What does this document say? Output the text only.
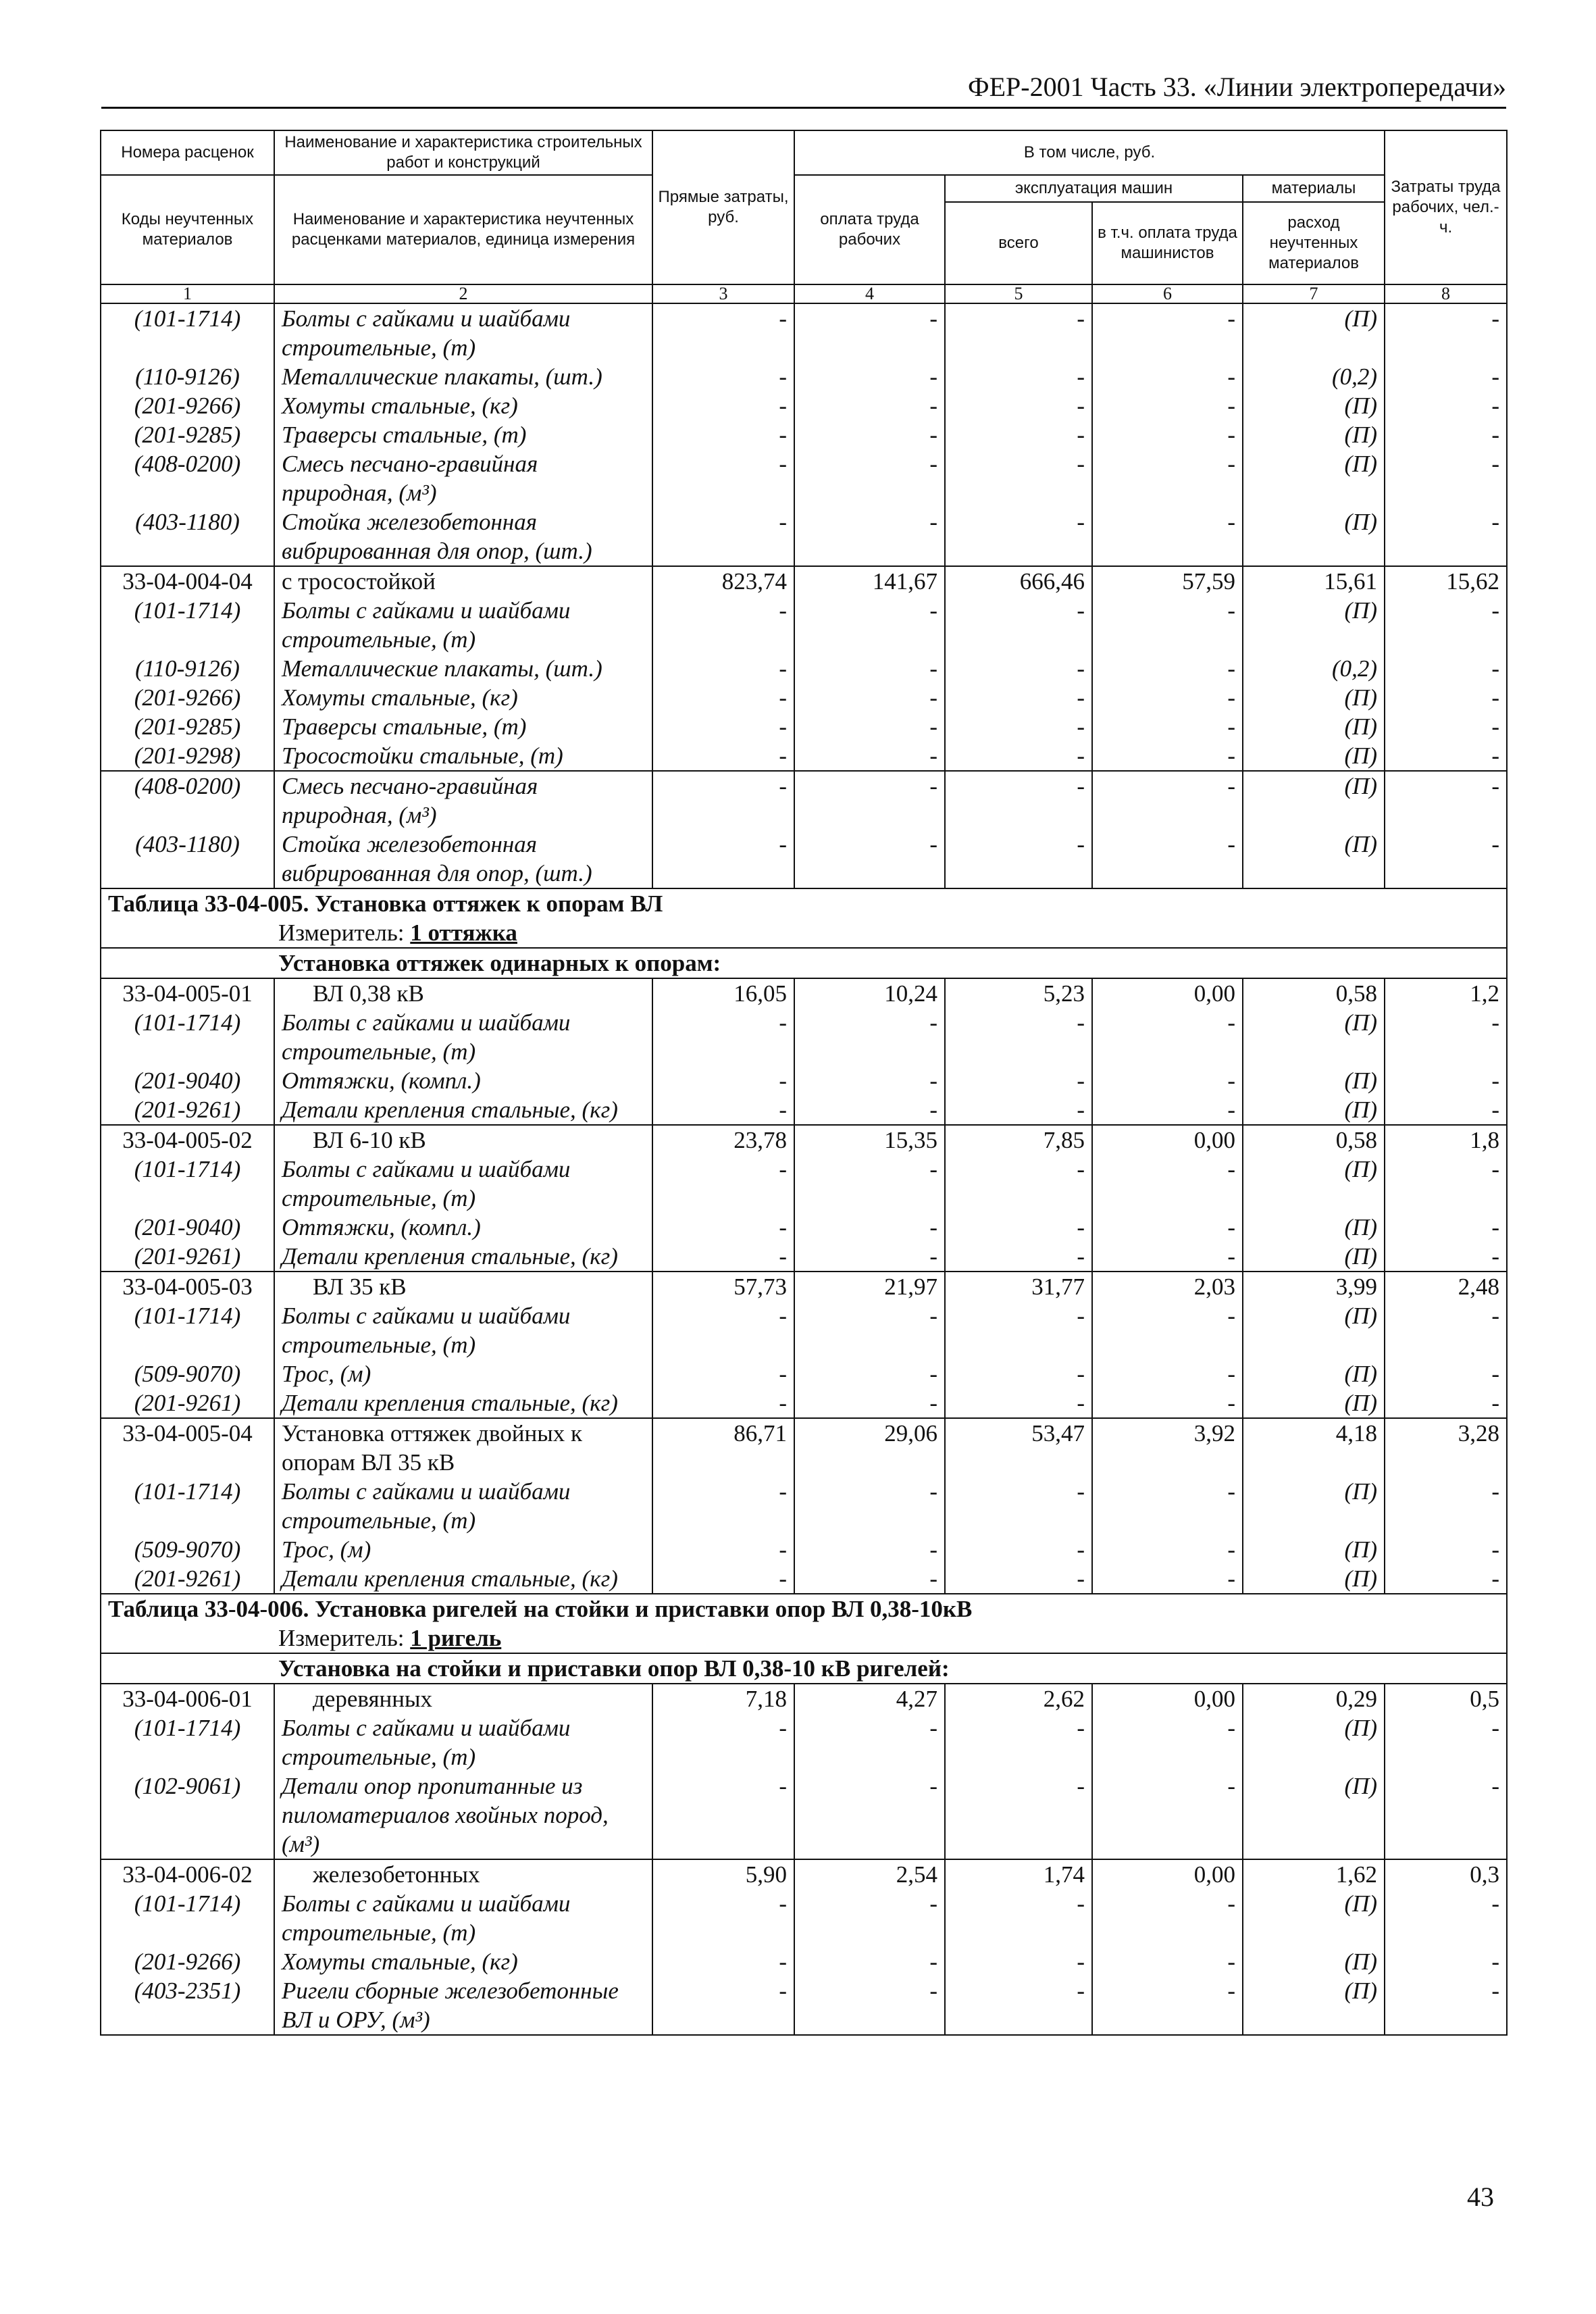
ФЕР-2001 Часть 33. «Линии электропередачи»
Номера расценок	Наименование и характеристика строительных работ и конструкций	Прямые затраты, руб.	В том числе, руб.				Затраты труда рабочих, чел.-ч.
Коды неучтенных материалов	Наименование и характеристика неучтенных расценками материалов, единица измерения		оплата труда рабочих	эксплуатация машин		материалы	
				всего	в т.ч. оплата труда машинистов	расход неучтенных материалов	

1	2	3	4	5	6	7	8
(101-1714)	Болты с гайками и шайбами строительные, (т)	-	-	-	-	(П)	-
(110-9126)	Металлические плакаты, (шт.)	-	-	-	-	(0,2)	-
(201-9266)	Хомуты стальные, (кг)	-	-	-	-	(П)	-
(201-9285)	Траверсы стальные, (т)	-	-	-	-	(П)	-
(408-0200)	Смесь песчано-гравийная природная, (м³)	-	-	-	-	(П)	-
(403-1180)	Стойка железобетонная вибрированная для опор, (шт.)	-	-	-	-	(П)	-
33-04-004-04	с тросостойкой	823,74	141,67	666,46	57,59	15,61	15,62
(101-1714)	Болты с гайками и шайбами строительные, (т)	-	-	-	-	(П)	-
(110-9126)	Металлические плакаты, (шт.)	-	-	-	-	(0,2)	-
(201-9266)	Хомуты стальные, (кг)	-	-	-	-	(П)	-
(201-9285)	Траверсы стальные, (т)	-	-	-	-	(П)	-
(201-9298)	Тросостойки стальные, (т)	-	-	-	-	(П)	-
(408-0200)	Смесь песчано-гравийная природная, (м³)	-	-	-	-	(П)	-
(403-1180)	Стойка железобетонная вибрированная для опор, (шт.)	-	-	-	-	(П)	-
Таблица 33-04-005. Установка оттяжек к опорам ВЛ							
Измеритель: 1 оттяжка							
Установка оттяжек одинарных к опорам:							
33-04-005-01	ВЛ 0,38 кВ	16,05	10,24	5,23	0,00	0,58	1,2
(101-1714)	Болты с гайками и шайбами строительные, (т)	-	-	-	-	(П)	-
(201-9040)	Оттяжки, (компл.)	-	-	-	-	(П)	-
(201-9261)	Детали крепления стальные, (кг)	-	-	-	-	(П)	-
33-04-005-02	ВЛ 6-10 кВ	23,78	15,35	7,85	0,00	0,58	1,8
(101-1714)	Болты с гайками и шайбами строительные, (т)	-	-	-	-	(П)	-
(201-9040)	Оттяжки, (компл.)	-	-	-	-	(П)	-
(201-9261)	Детали крепления стальные, (кг)	-	-	-	-	(П)	-
33-04-005-03	ВЛ 35 кВ	57,73	21,97	31,77	2,03	3,99	2,48
(101-1714)	Болты с гайками и шайбами строительные, (т)	-	-	-	-	(П)	-
(509-9070)	Трос, (м)	-	-	-	-	(П)	-
(201-9261)	Детали крепления стальные, (кг)	-	-	-	-	(П)	-
33-04-005-04	Установка оттяжек двойных к опорам ВЛ 35 кВ	86,71	29,06	53,47	3,92	4,18	3,28
(101-1714)	Болты с гайками и шайбами строительные, (т)	-	-	-	-	(П)	-
(509-9070)	Трос, (м)	-	-	-	-	(П)	-
(201-9261)	Детали крепления стальные, (кг)	-	-	-	-	(П)	-
Таблица 33-04-006. Установка ригелей на стойки и приставки опор ВЛ 0,38-10кВ							
Измеритель: 1 ригель							
Установка на стойки и приставки опор ВЛ 0,38-10 кВ ригелей:							
33-04-006-01	деревянных	7,18	4,27	2,62	0,00	0,29	0,5
(101-1714)	Болты с гайками и шайбами строительные, (т)	-	-	-	-	(П)	-
(102-9061)	Детали опор пропитанные из пиломатериалов хвойных пород, (м³)	-	-	-	-	(П)	-
33-04-006-02	железобетонных	5,90	2,54	1,74	0,00	1,62	0,3
(101-1714)	Болты с гайками и шайбами строительные, (т)	-	-	-	-	(П)	-
(201-9266)	Хомуты стальные, (кг)	-	-	-	-	(П)	-
(403-2351)	Ригели сборные железобетонные ВЛ и ОРУ, (м³)	-	-	-	-	(П)	-
43
